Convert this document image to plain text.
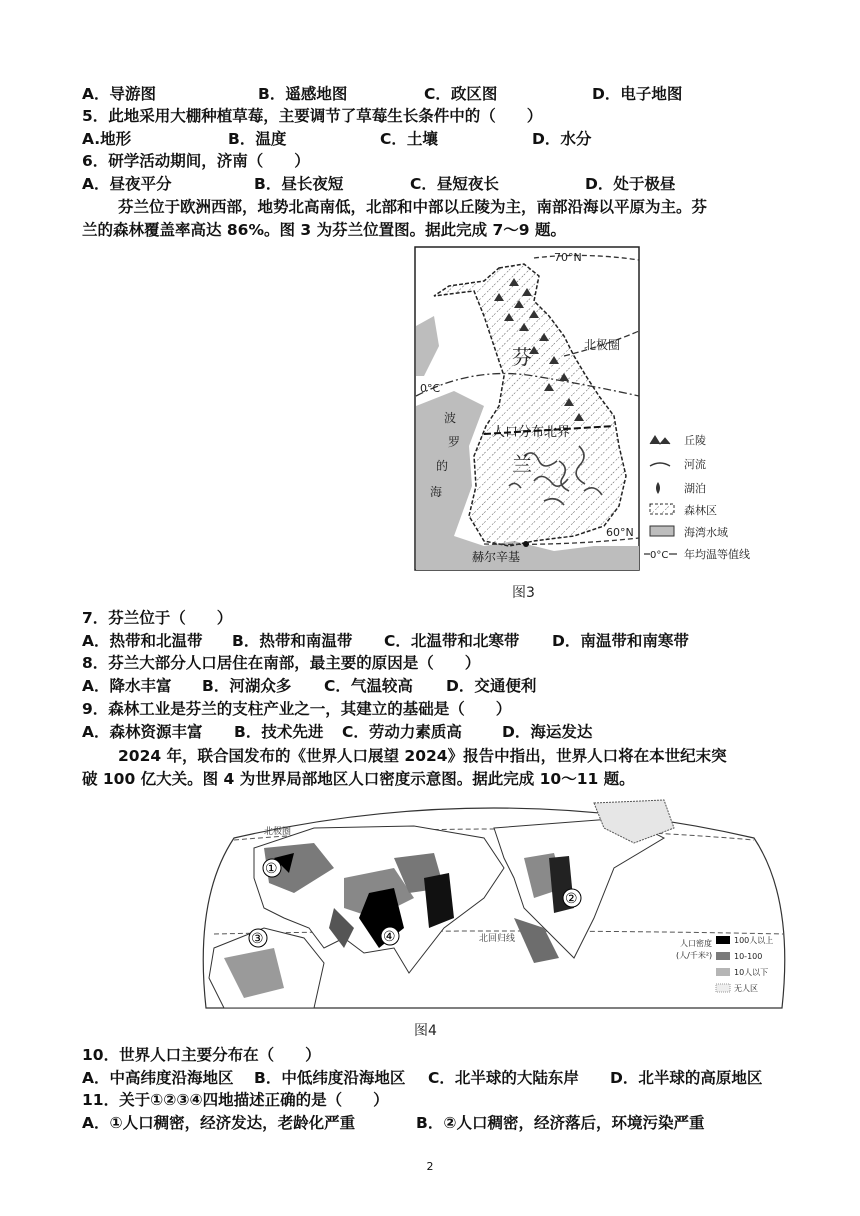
A．导游图	B．遥感地图	C．政区图	D．电子地图
5．此地采用大棚种植草莓，主要调节了草莓生长条件中的（　　）
A.地形	B．温度	C．土壤	D．水分
6．研学活动期间，济南（　　）
A．昼夜平分	B．昼长夜短	C．昼短夜长	D．处于极昼
芬兰位于欧洲西部，地势北高南低，北部和中部以丘陵为主，南部沿海以平原为主。芬
兰的森林覆盖率高达 86%。图 3 为芬兰位置图。据此完成 7～9 题。
70°N
北极圈
0°C
人口分布北界
芬
兰
波
罗
的
海
60°N
赫尔辛基
丘陵
河流
湖泊
森林区
海湾水域
0°C 年均温等值线
图3
7．芬兰位于（　　）
A．热带和北温带 B．热带和南温带 C．北温带和北寒带 D．南温带和南寒带
8．芬兰大部分人口居住在南部，最主要的原因是（　　）
A．降水丰富 B．河湖众多 C．气温较高 D．交通便利
9．森林工业是芬兰的支柱产业之一，其建立的基础是（　　）
A．森林资源丰富 B．技术先进 C．劳动力素质高	D．海运发达
2024 年，联合国发布的《世界人口展望 2024》报告中指出，世界人口将在本世纪末突
破 100 亿大关。图 4 为世界局部地区人口密度示意图。据此完成 10～11 题。
北极圈
北回归线
①
②
③	④	人口密度
(人/千米²)
100人以上
10-100
10人以下
无人区
图4
10．世界人口主要分布在（　　）
A．中高纬度沿海地区 B．中低纬度沿海地区 C．北半球的大陆东岸 D．北半球的高原地区
11．关于①②③④四地描述正确的是（　　）
A．①人口稠密，经济发达，老龄化严重	B．②人口稠密，经济落后，环境污染严重
2
